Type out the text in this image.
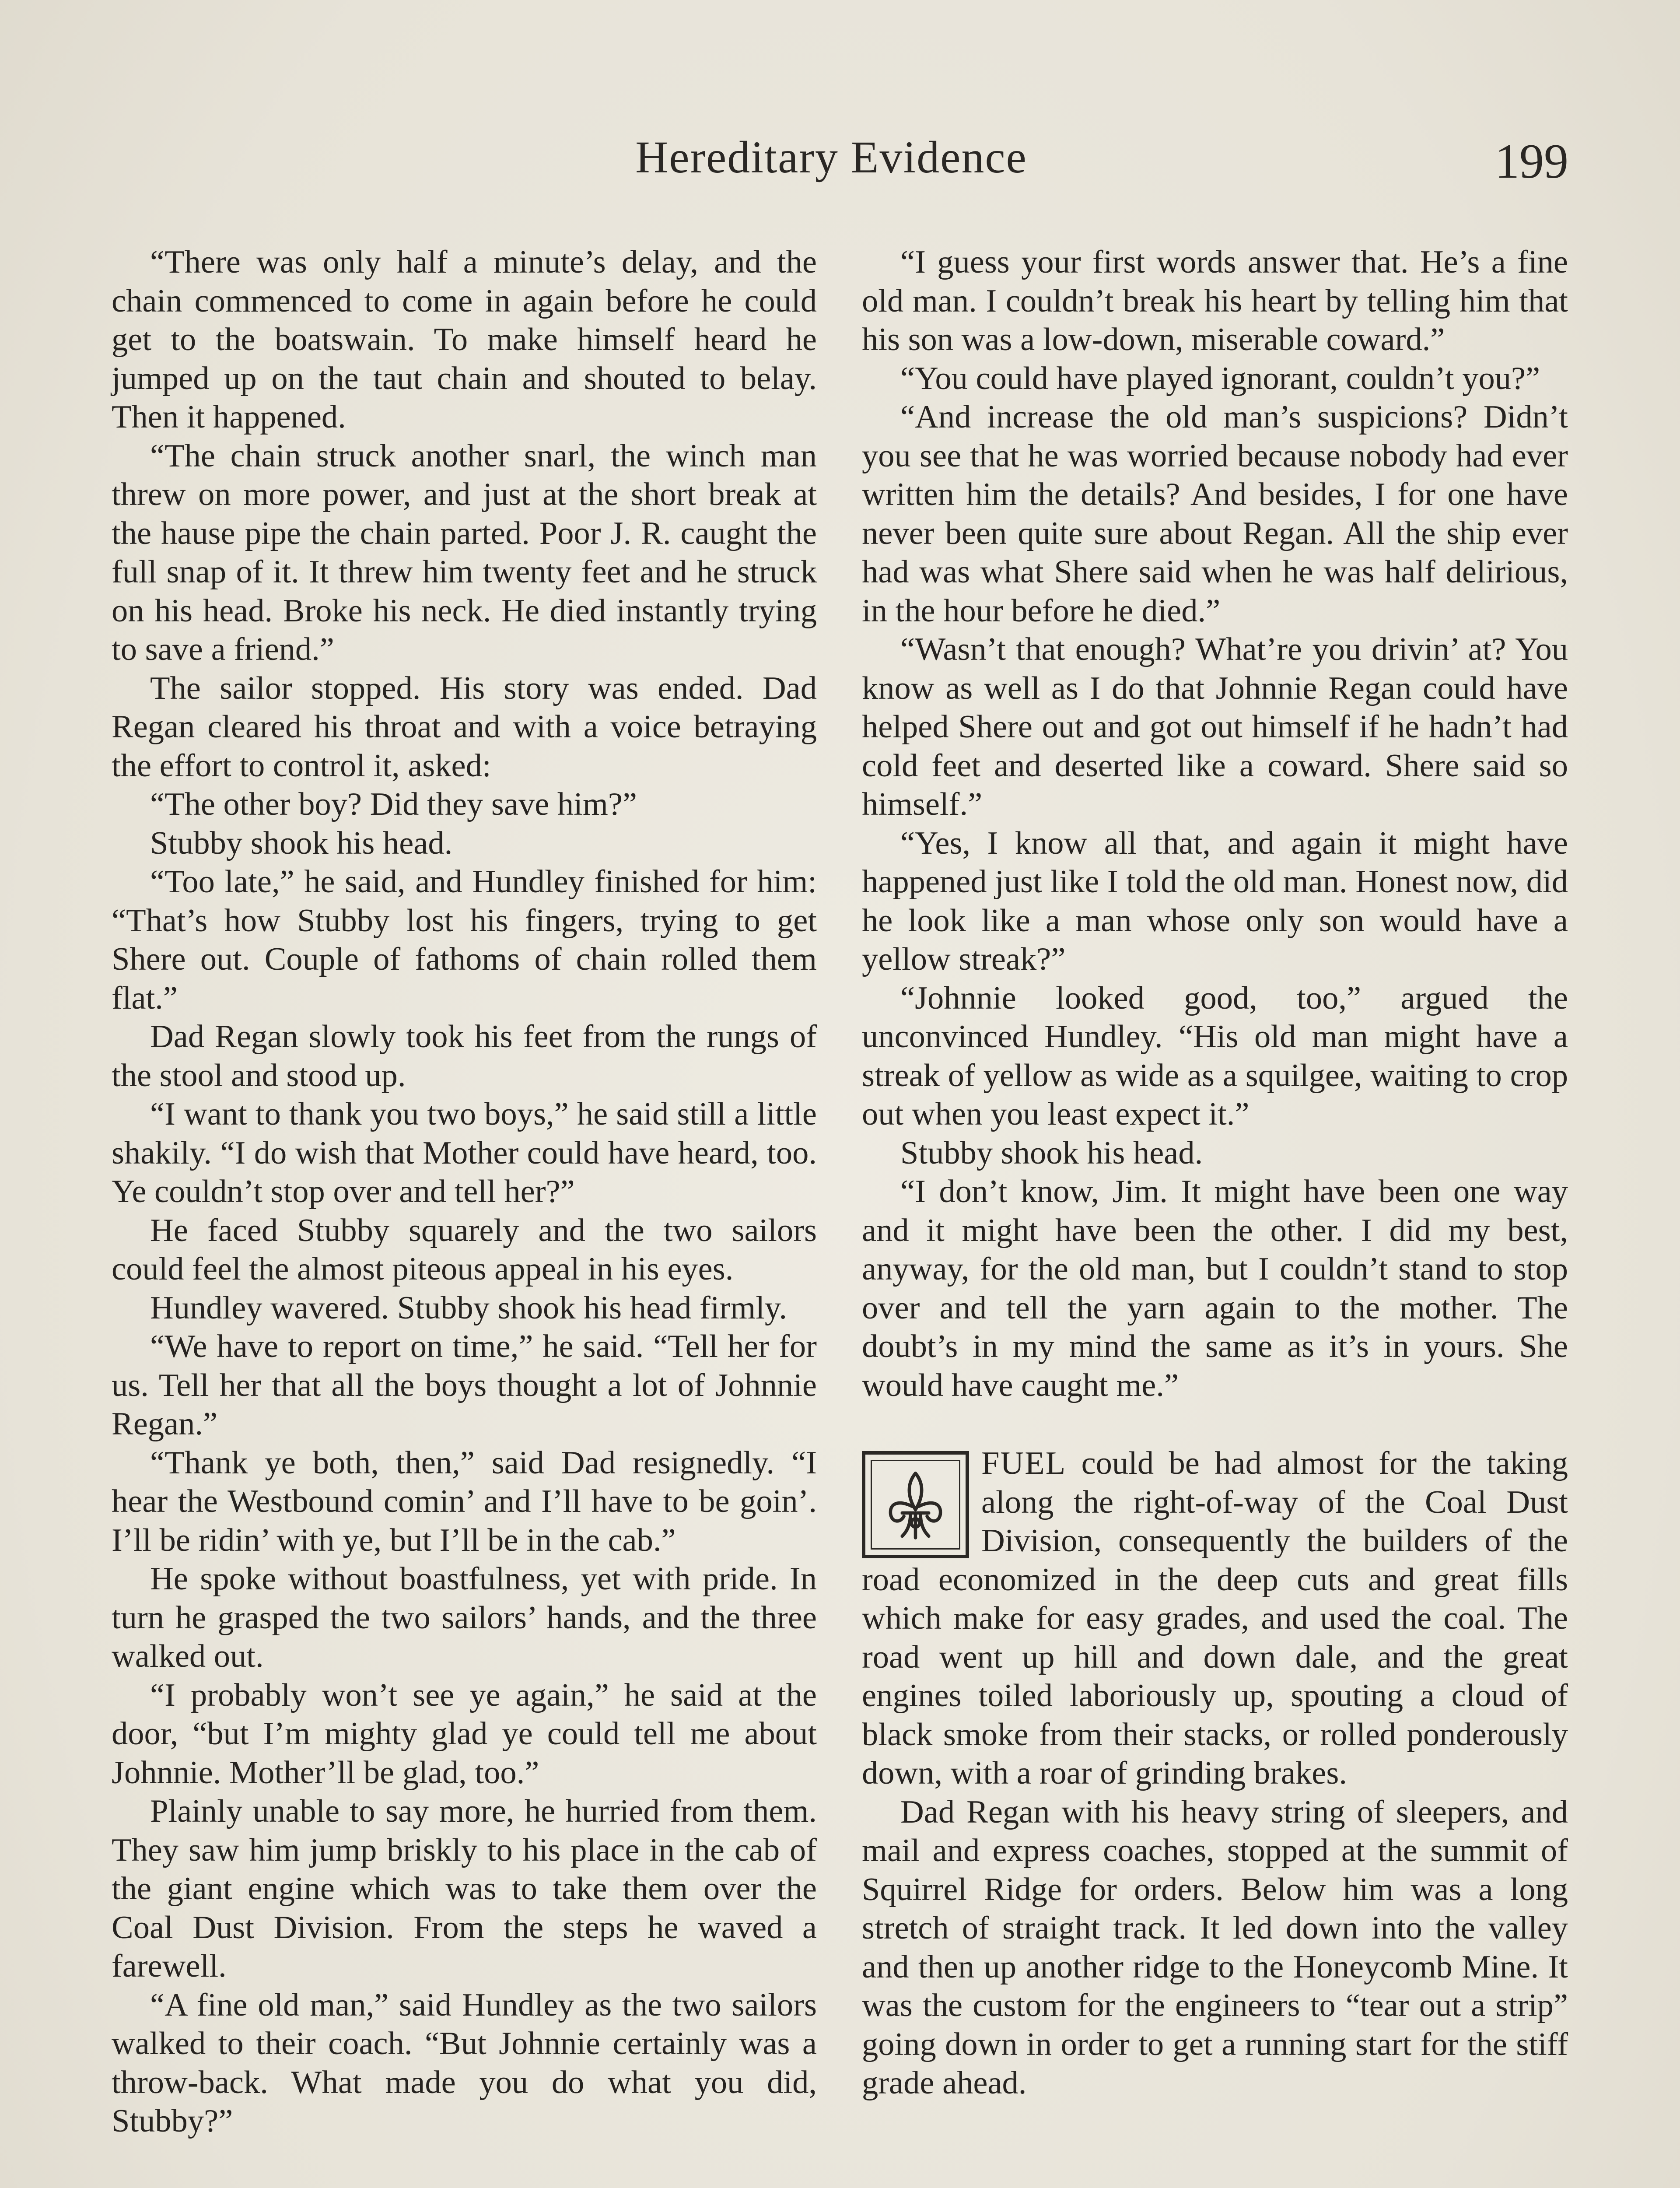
Hereditary Evidence	199

“There was only half a minute’s delay, and the chain commenced to come in again before he could get to the boatswain. To make himself heard he jumped up on the taut chain and shouted to belay. Then it happened.

“The chain struck another snarl, the winch man threw on more power, and just at the short break at the hause pipe the chain parted. Poor J. R. caught the full snap of it. It threw him twenty feet and he struck on his head. Broke his neck. He died instantly trying to save a friend.”

The sailor stopped. His story was ended. Dad Regan cleared his throat and with a voice betraying the effort to control it, asked:

“The other boy? Did they save him?”

Stubby shook his head.

“Too late,” he said, and Hundley finished for him: “That’s how Stubby lost his fingers, trying to get Shere out. Couple of fathoms of chain rolled them flat.”

Dad Regan slowly took his feet from the rungs of the stool and stood up.

“I want to thank you two boys,” he said still a little shakily. “I do wish that Mother could have heard, too. Ye couldn’t stop over and tell her?”

He faced Stubby squarely and the two sailors could feel the almost piteous appeal in his eyes.

Hundley wavered. Stubby shook his head firmly.

“We have to report on time,” he said. “Tell her for us. Tell her that all the boys thought a lot of Johnnie Regan.”

“Thank ye both, then,” said Dad resignedly. “I hear the Westbound comin’ and I’ll have to be goin’. I’ll be ridin’ with ye, but I’ll be in the cab.”

He spoke without boastfulness, yet with pride. In turn he grasped the two sailors’ hands, and the three walked out.

“I probably won’t see ye again,” he said at the door, “but I’m mighty glad ye could tell me about Johnnie. Mother’ll be glad, too.”

Plainly unable to say more, he hurried from them. They saw him jump briskly to his place in the cab of the giant engine which was to take them over the Coal Dust Division. From the steps he waved a farewell.

“A fine old man,” said Hundley as the two sailors walked to their coach. “But Johnnie certainly was a throw-back. What made you do what you did, Stubby?”

“I guess your first words answer that. He’s a fine old man. I couldn’t break his heart by telling him that his son was a low-down, miserable coward.”

“You could have played ignorant, couldn’t you?”

“And increase the old man’s suspicions? Didn’t you see that he was worried because nobody had ever written him the details? And besides, I for one have never been quite sure about Regan. All the ship ever had was what Shere said when he was half delirious, in the hour before he died.”

“Wasn’t that enough? What’re you drivin’ at? You know as well as I do that Johnnie Regan could have helped Shere out and got out himself if he hadn’t had cold feet and deserted like a coward. Shere said so himself.”

“Yes, I know all that, and again it might have happened just like I told the old man. Honest now, did he look like a man whose only son would have a yellow streak?”

“Johnnie looked good, too,” argued the unconvinced Hundley. “His old man might have a streak of yellow as wide as a squilgee, waiting to crop out when you least expect it.”

Stubby shook his head.

“I don’t know, Jim. It might have been one way and it might have been the other. I did my best, anyway, for the old man, but I couldn’t stand to stop over and tell the yarn again to the mother. The doubt’s in my mind the same as it’s in yours. She would have caught me.”

FUEL could be had almost for the taking along the right-of-way of the Coal Dust Division, consequently the builders of the road economized in the deep cuts and great fills which make for easy grades, and used the coal. The road went up hill and down dale, and the great engines toiled laboriously up, spouting a cloud of black smoke from their stacks, or rolled ponderously down, with a roar of grinding brakes.

Dad Regan with his heavy string of sleepers, and mail and express coaches, stopped at the summit of Squirrel Ridge for orders. Below him was a long stretch of straight track. It led down into the valley and then up another ridge to the Honeycomb Mine. It was the custom for the engineers to “tear out a strip” going down in order to get a running start for the stiff grade ahead.
